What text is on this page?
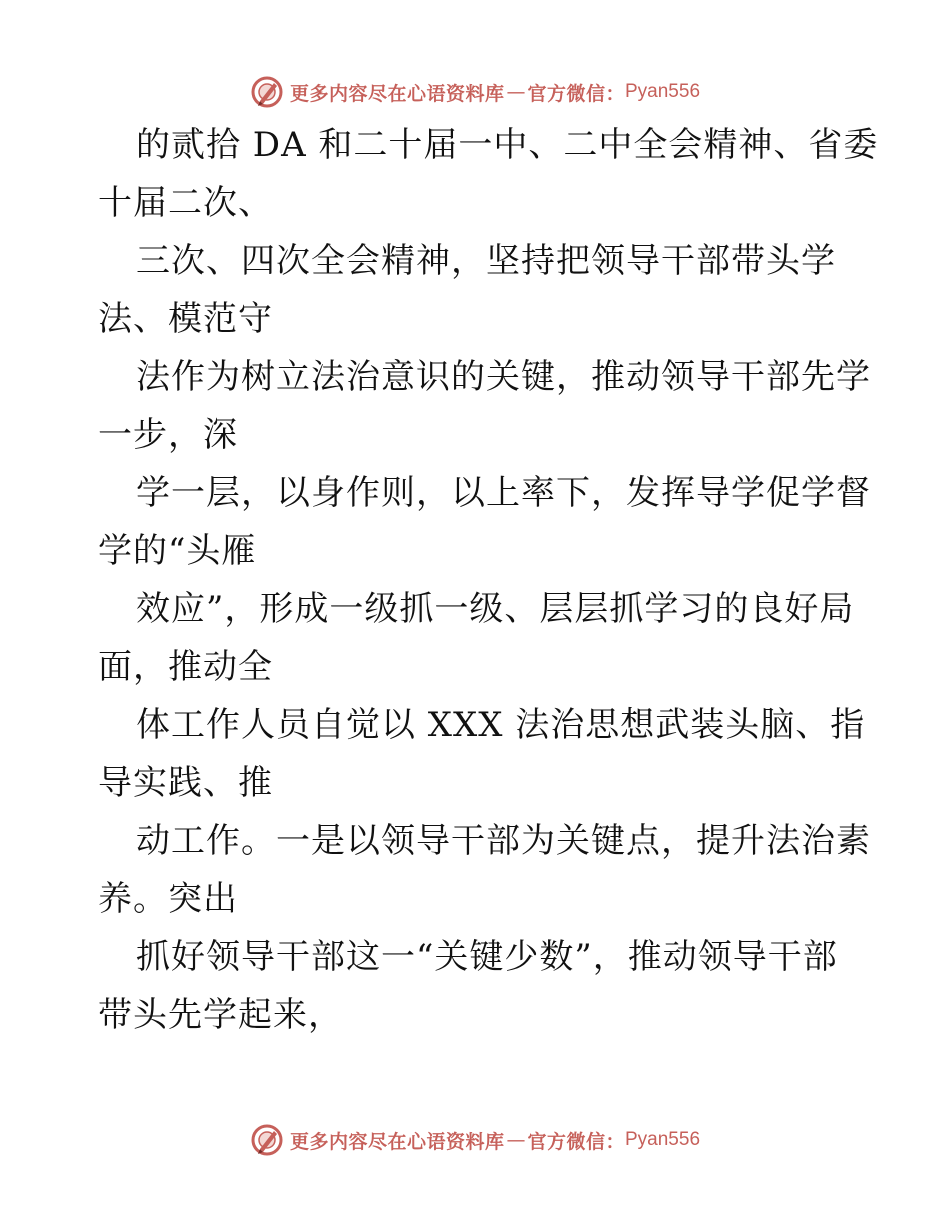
更多内容尽在心语资料库 — 官方微信： Pyan556
的贰拾 DA 和二十届一中、二中全会精神、省委
十届二次、
三次、四次全会精神，坚持把领导干部带头学
法、模范守
法作为树立法治意识的关键，推动领导干部先学
一步，深
学一层，以身作则，以上率下，发挥导学促学督
学的“头雁
效应”，形成一级抓一级、层层抓学习的良好局
面，推动全
体工作人员自觉以 XXX 法治思想武装头脑、指
导实践、推
动工作。一是以领导干部为关键点，提升法治素
养。突出
抓好领导干部这一“关键少数”，推动领导干部
带头先学起来，
更多内容尽在心语资料库 — 官方微信： Pyan556
